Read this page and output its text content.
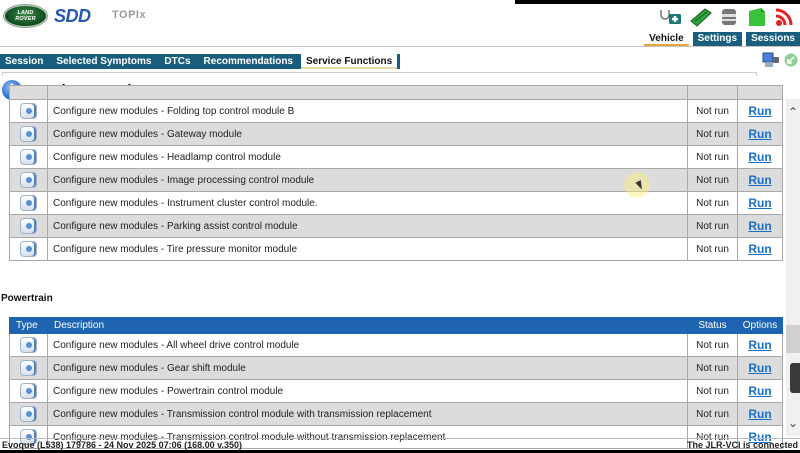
LAND
ROVER SDD TOPIx
Vehicle	Settings	Sessions
Session	Selected Symptoms	DTCs	Recommendations	Service Functions

	Configure new modules - Folding top control module B	Not run	Run
	Configure new modules - Gateway module	Not run	Run
	Configure new modules - Headlamp control module	Not run	Run
	Configure new modules - Image processing control module	Not run	Run
	Configure new modules - Instrument cluster control module.	Not run	Run
	Configure new modules - Parking assist control module	Not run	Run
	Configure new modules - Tire pressure monitor module	Not run	Run
Powertrain
Type	Description	Status	Options
	Configure new modules - All wheel drive control module	Not run	Run
	Configure new modules - Gear shift module	Not run	Run
	Configure new modules - Powertrain control module	Not run	Run
	Configure new modules - Transmission control module with transmission replacement	Not run	Run
	Configure new modules - Transmission control module without transmission replacement	Not run	Run
⌃
⌄
Evoque (L538) 179786 - 24 Nov 2025 07:06 (168.00 v.350)	The JLR-VCI is connected
